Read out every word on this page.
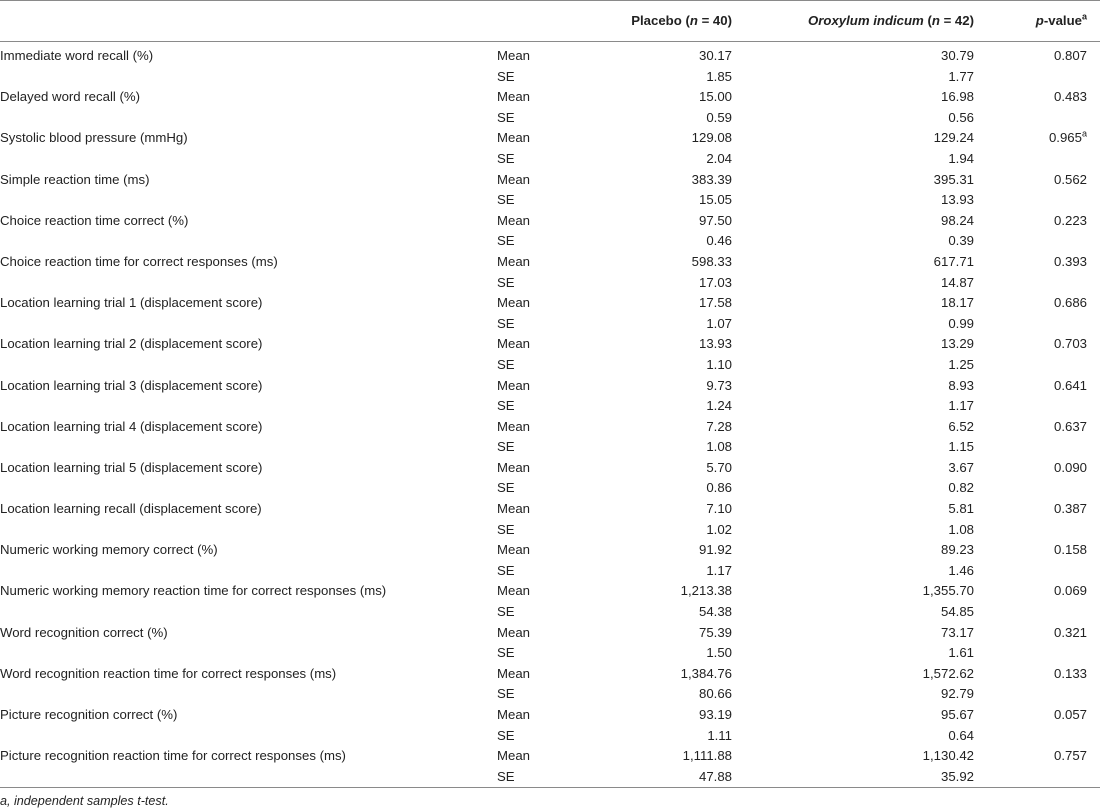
		Placebo (n = 40)	Oroxylum indicum (n = 42)	p-value$^a$
Immediate word recall (%)	Mean	30.17	30.79	0.807
	SE	1.85	1.77	
Delayed word recall (%)	Mean	15.00	16.98	0.483
	SE	0.59	0.56	
Systolic blood pressure (mmHg)	Mean	129.08	129.24	0.965$^a$
	SE	2.04	1.94	
Simple reaction time (ms)	Mean	383.39	395.31	0.562
	SE	15.05	13.93	
Choice reaction time correct (%)	Mean	97.50	98.24	0.223
	SE	0.46	0.39	
Choice reaction time for correct responses (ms)	Mean	598.33	617.71	0.393
	SE	17.03	14.87	
Location learning trial 1 (displacement score)	Mean	17.58	18.17	0.686
	SE	1.07	0.99	
Location learning trial 2 (displacement score)	Mean	13.93	13.29	0.703
	SE	1.10	1.25	
Location learning trial 3 (displacement score)	Mean	9.73	8.93	0.641
	SE	1.24	1.17	
Location learning trial 4 (displacement score)	Mean	7.28	6.52	0.637
	SE	1.08	1.15	
Location learning trial 5 (displacement score)	Mean	5.70	3.67	0.090
	SE	0.86	0.82	
Location learning recall (displacement score)	Mean	7.10	5.81	0.387
	SE	1.02	1.08	
Numeric working memory correct (%)	Mean	91.92	89.23	0.158
	SE	1.17	1.46	
Numeric working memory reaction time for correct responses (ms)	Mean	1,213.38	1,355.70	0.069
	SE	54.38	54.85	
Word recognition correct (%)	Mean	75.39	73.17	0.321
	SE	1.50	1.61	
Word recognition reaction time for correct responses (ms)	Mean	1,384.76	1,572.62	0.133
	SE	80.66	92.79	
Picture recognition correct (%)	Mean	93.19	95.67	0.057
	SE	1.11	0.64	
Picture recognition reaction time for correct responses (ms)	Mean	1,111.88	1,130.42	0.757
	SE	47.88	35.92	
a, independent samples t-test.
